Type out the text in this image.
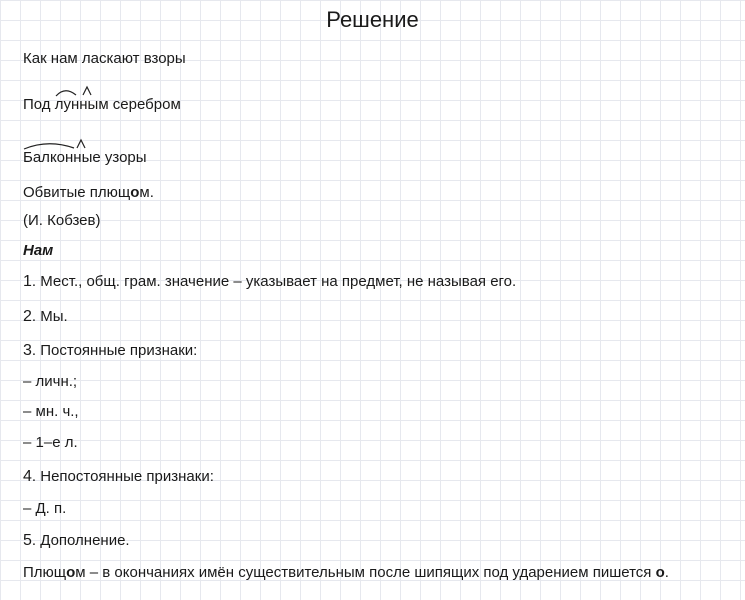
Решение
Как нам ласкают взоры
Под лунным серебром
Балконные узоры
Обвитые плющом.
(И. Кобзев)
Нам
1. Мест., общ. грам. значение – указывает на предмет, не называя его.
2. Мы.
3. Постоянные признаки:
– личн.;
– мн. ч.,
– 1–е л.
4. Непостоянные признаки:
– Д. п.
5. Дополнение.
Плющом – в окончаниях имён существительным после шипящих под ударением пишется о.
